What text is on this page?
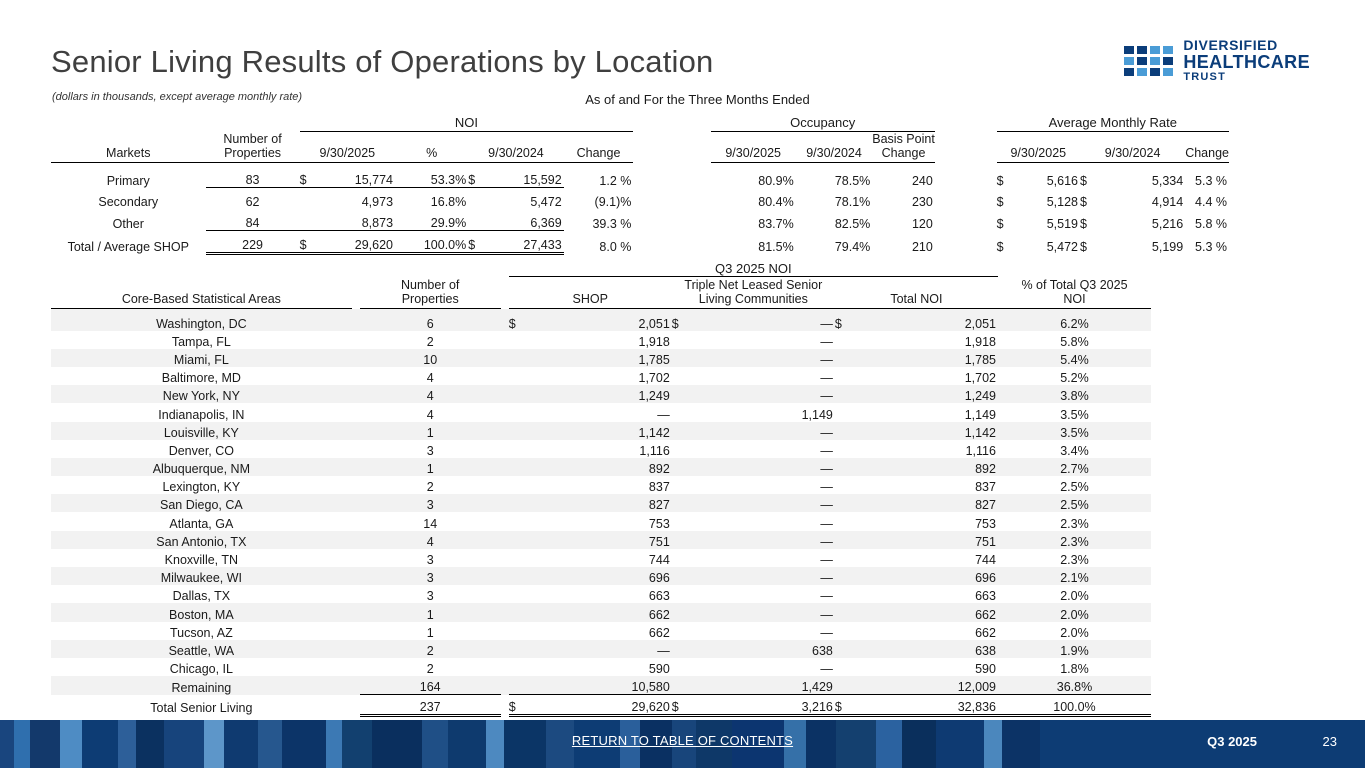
Senior Living Results of Operations by Location	DIVERSIFIED
HEALTHCARE
TRUST
(dollars in thousands, except average monthly rate)	As of and For the Three Months Ended
		NOI							Occupancy				Average Monthly Rate				
Markets	
Number of
Properties	9/30/2025	%	9/30/2024	Change		9/30/2025	9/30/2024	
Basis Point
Change		9/30/2025	9/30/2024	Change
Primary	83	$	15,774	53.3%	$	15,592	1.2 %		80.9%	78.5%	240		$	5,616	$	5,334	5.3 %
Secondary	62		4,973	16.8%		5,472	(9.1)%		80.4%	78.1%	230		$	5,128	$	4,914	4.4 %
Other	84		8,873	29.9%		6,369	39.3 %		83.7%	82.5%	120		$	5,519	$	5,216	5.8 %
Total / Average SHOP	229	$	29,620	100.0%	$	27,433	8.0 %		81.5%	79.4%	210		$	5,472	$	5,199	5.3 %
				Q3 2025 NOI						
Core-Based Statistical Areas		
Number of
Properties		SHOP

Triple Net Leased Senior
Living Communities	Total NOI

% of Total Q3 2025
NOI

Washington, DC		6		$	2,051	$	—	$	2,051	6.2%
Tampa, FL		2			1,918		—		1,918	5.8%
Miami, FL		10			1,785		—		1,785	5.4%
Baltimore, MD		4			1,702		—		1,702	5.2%
New York, NY		4			1,249		—		1,249	3.8%
Indianapolis, IN		4			—		1,149		1,149	3.5%
Louisville, KY		1			1,142		—		1,142	3.5%
Denver, CO		3			1,116		—		1,116	3.4%
Albuquerque, NM		1			892		—		892	2.7%
Lexington, KY		2			837		—		837	2.5%
San Diego, CA		3			827		—		827	2.5%
Atlanta, GA		14			753		—		753	2.3%
San Antonio, TX		4			751		—		751	2.3%
Knoxville, TN		3			744		—		744	2.3%
Milwaukee, WI		3			696		—		696	2.1%
Dallas, TX		3			663		—		663	2.0%
Boston, MA		1			662		—		662	2.0%
Tucson, AZ		1			662		—		662	2.0%
Seattle, WA		2			—		638		638	1.9%
Chicago, IL		2			590		—		590	1.8%
Remaining		164			10,580		1,429		12,009	36.8%
Total Senior Living		237		$	29,620	$	3,216	$	32,836	100.0%
RETURN TO TABLE OF CONTENTS	Q3 2025	23
